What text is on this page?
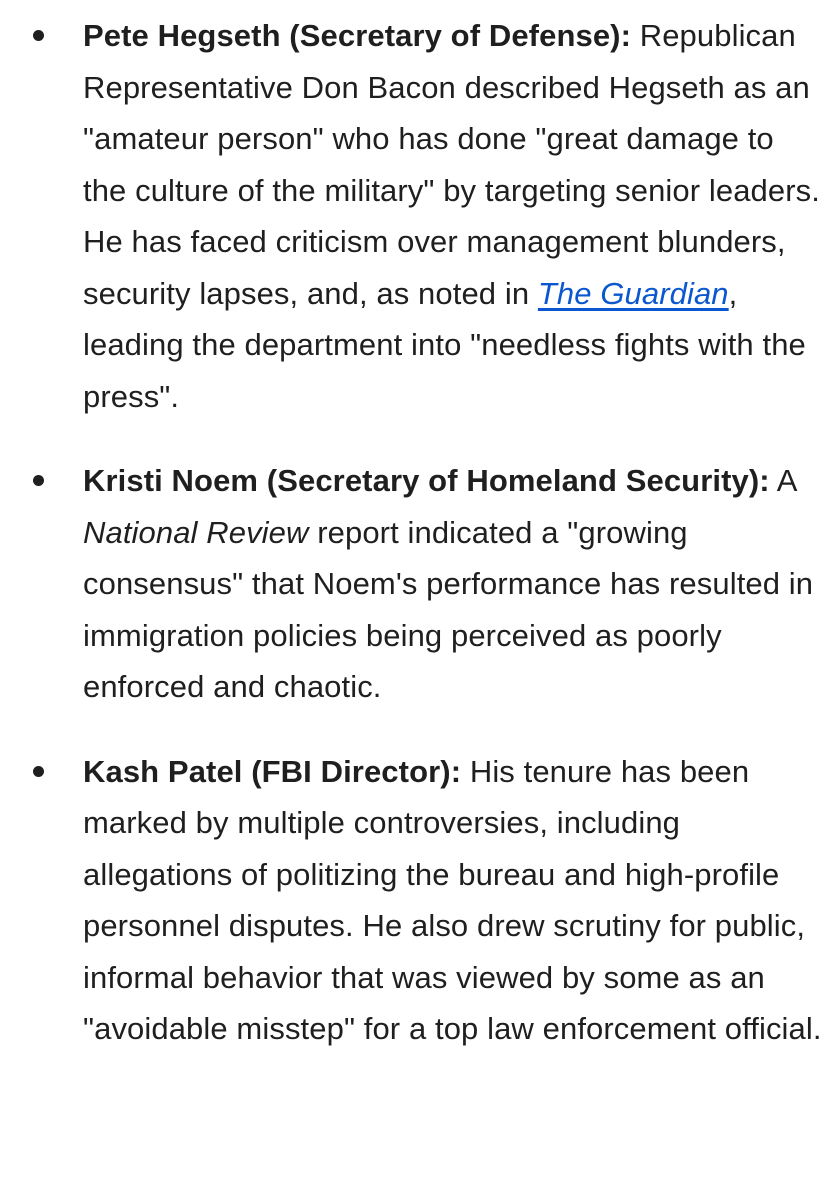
Pete Hegseth (Secretary of Defense): Republican Representative Don Bacon described Hegseth as an "amateur person" who has done "great damage to the culture of the military" by targeting senior leaders. He has faced criticism over management blunders, security lapses, and, as noted in The Guardian, leading the department into "needless fights with the press".
Kristi Noem (Secretary of Homeland Security): A National Review report indicated a "growing consensus" that Noem's performance has resulted in immigration policies being perceived as poorly enforced and chaotic.
Kash Patel (FBI Director): His tenure has been marked by multiple controversies, including allegations of politizing the bureau and high-profile personnel disputes. He also drew scrutiny for public, informal behavior that was viewed by some as an "avoidable misstep" for a top law enforcement official.
